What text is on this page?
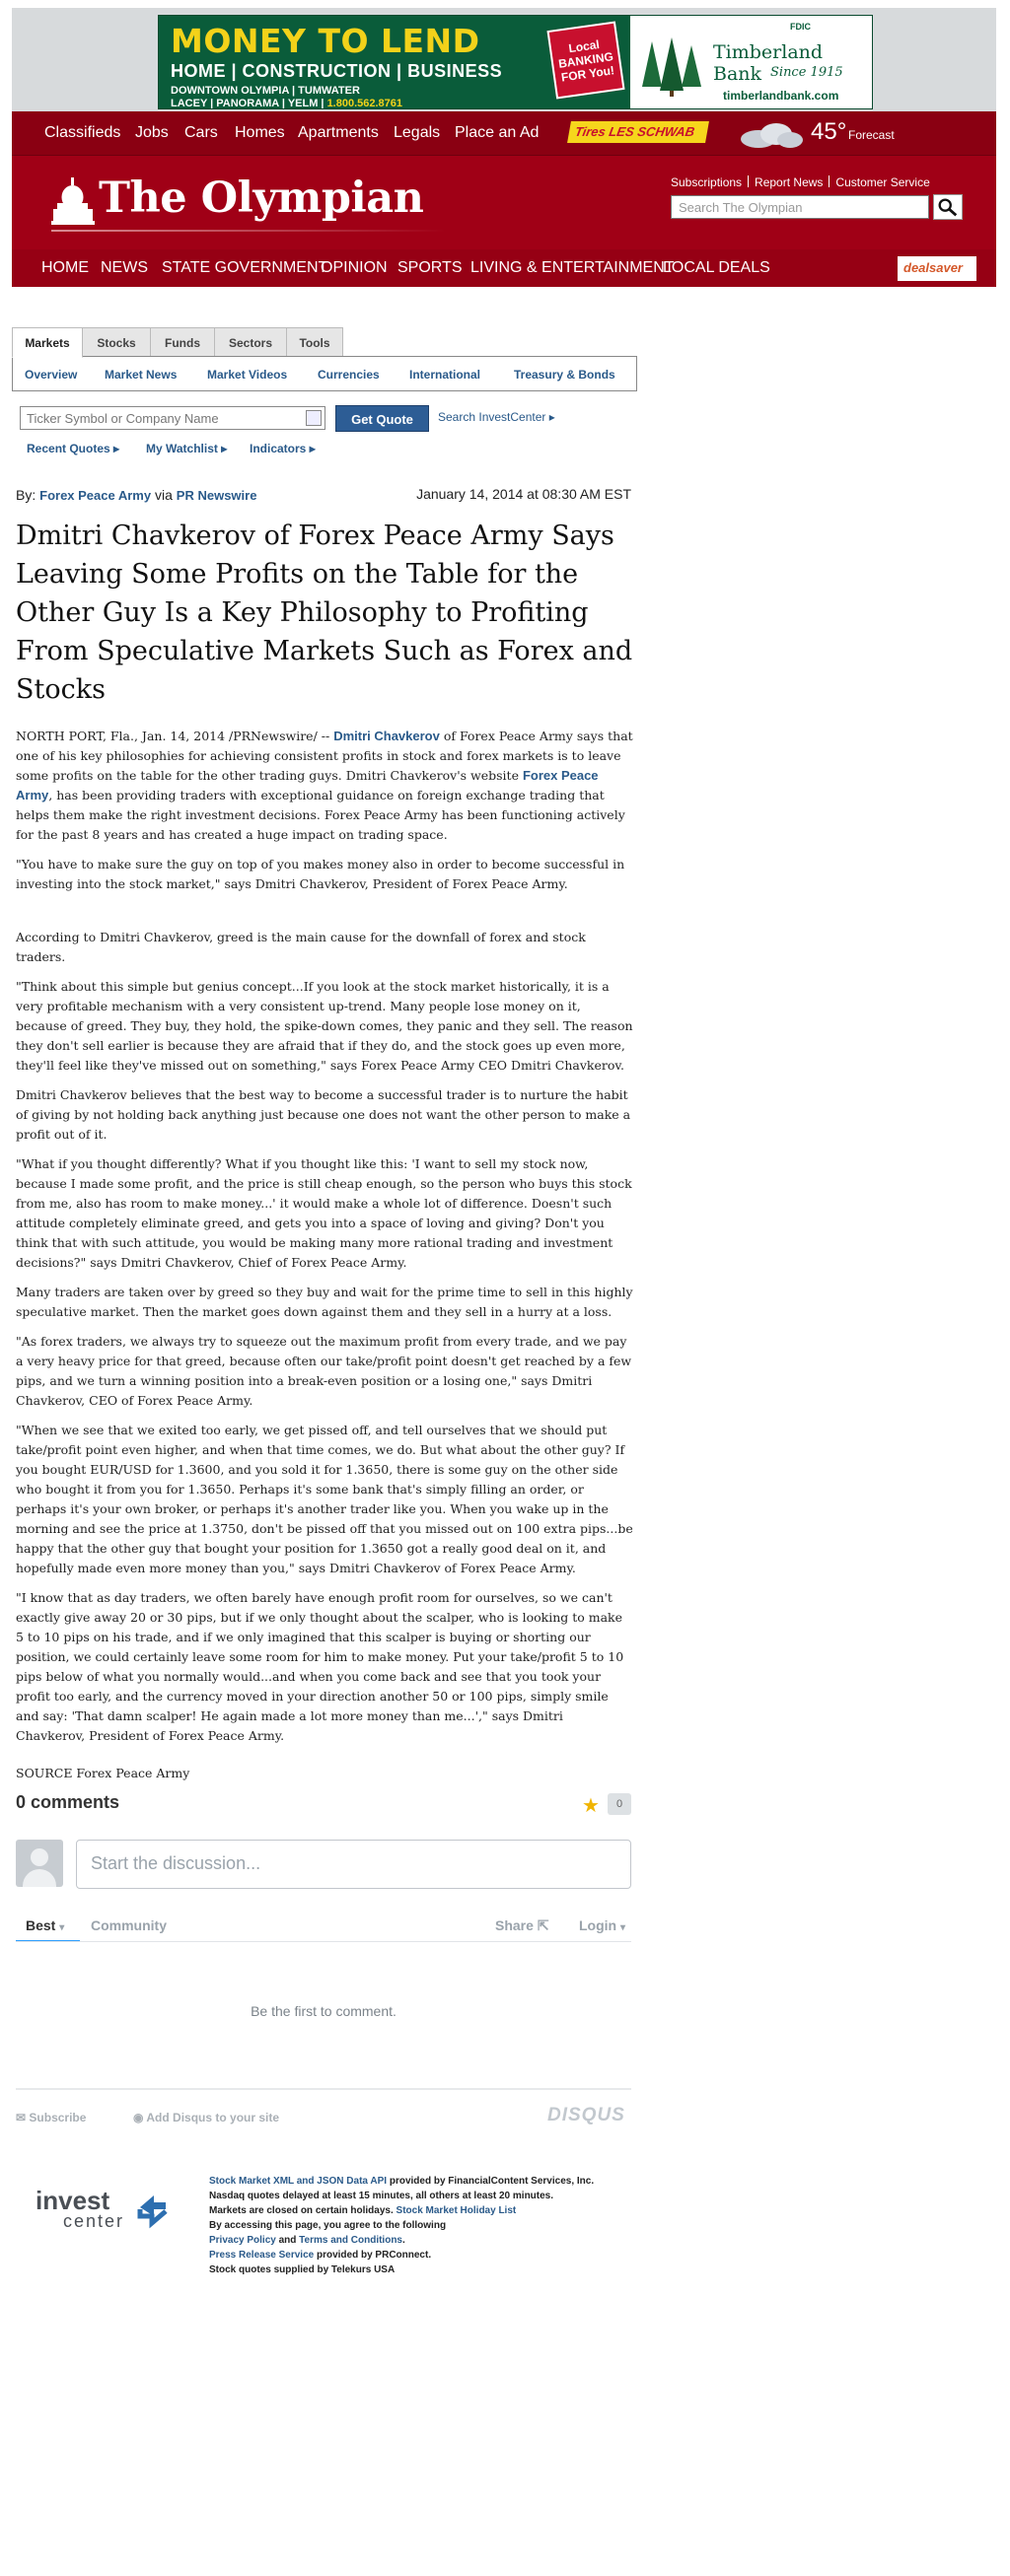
MONEY TO LEND
HOME | CONSTRUCTION | BUSINESS
DOWNTOWN OLYMPIA | TUMWATER
LACEY | PANORAMA | YELM | 1.800.562.8761
Local BANKING FOR You!
FDIC
Timberland Bank Since 1915
timberlandbank.com
Classifieds Jobs Cars Homes Apartments Legals Place an Ad	Tires LES SCHWAB	45° Forecast
The Olympian	Subscriptions Report News Customer Service
Search The Olympian
HOME NEWS STATE GOVERNMENT
OPINION SPORTS LIVING & ENTERTAINMENT
LOCAL DEALS	dealsaver
Markets	Stocks	Funds	Sectors	Tools
Overview Market News	Market Videos	Currencies	International	Treasury & Bonds
Ticker Symbol or Company Name	Get Quote	Search InvestCenter ▸
Recent Quotes ▸ My Watchlist ▸ Indicators ▸
By: Forex Peace Army via PR Newswire	January 14, 2014 at 08:30 AM EST
Dmitri Chavkerov of Forex Peace Army Says Leaving Some Profits on the Table for the Other Guy Is a Key Philosophy to Profiting From Speculative Markets Such as Forex and Stocks

NORTH PORT, Fla., Jan. 14, 2014 /PRNewswire/ -- Dmitri Chavkerov of Forex Peace Army says that one of his key philosophies for achieving consistent profits in stock and forex markets is to leave some profits on the table for the other trading guys. Dmitri Chavkerov's website Forex Peace Army, has been providing traders with exceptional guidance on foreign exchange trading that helps them make the right investment decisions. Forex Peace Army has been functioning actively for the past 8 years and has created a huge impact on trading space.

"You have to make sure the guy on top of you makes money also in order to become successful in investing into the stock market," says Dmitri Chavkerov, President of Forex Peace Army.

According to Dmitri Chavkerov, greed is the main cause for the downfall of forex and stock traders.

"Think about this simple but genius concept...If you look at the stock market historically, it is a very profitable mechanism with a very consistent up-trend. Many people lose money on it, because of greed. They buy, they hold, the spike-down comes, they panic and they sell. The reason they don't sell earlier is because they are afraid that if they do, and the stock goes up even more, they'll feel like they've missed out on something," says Forex Peace Army CEO Dmitri Chavkerov.

Dmitri Chavkerov believes that the best way to become a successful trader is to nurture the habit of giving by not holding back anything just because one does not want the other person to make a profit out of it.

"What if you thought differently? What if you thought like this: 'I want to sell my stock now, because I made some profit, and the price is still cheap enough, so the person who buys this stock from me, also has room to make money...' it would make a whole lot of difference. Doesn't such attitude completely eliminate greed, and gets you into a space of loving and giving? Don't you think that with such attitude, you would be making many more rational trading and investment decisions?" says Dmitri Chavkerov, Chief of Forex Peace Army.

Many traders are taken over by greed so they buy and wait for the prime time to sell in this highly speculative market. Then the market goes down against them and they sell in a hurry at a loss.

"As forex traders, we always try to squeeze out the maximum profit from every trade, and we pay a very heavy price for that greed, because often our take/profit point doesn't get reached by a few pips, and we turn a winning position into a break-even position or a losing one," says Dmitri Chavkerov, CEO of Forex Peace Army.

"When we see that we exited too early, we get pissed off, and tell ourselves that we should put take/profit point even higher, and when that time comes, we do. But what about the other guy? If you bought EUR/USD for 1.3600, and you sold it for 1.3650, there is some guy on the other side who bought it from you for 1.3650. Perhaps it's some bank that's simply filling an order, or perhaps it's your own broker, or perhaps it's another trader like you. When you wake up in the morning and see the price at 1.3750, don't be pissed off that you missed out on 100 extra pips...be happy that the other guy that bought your position for 1.3650 got a really good deal on it, and hopefully made even more money than you," says Dmitri Chavkerov of Forex Peace Army.

"I know that as day traders, we often barely have enough profit room for ourselves, so we can't exactly give away 20 or 30 pips, but if we only thought about the scalper, who is looking to make 5 to 10 pips on his trade, and if we only imagined that this scalper is buying or shorting our position, we could certainly leave some room for him to make money. Put your take/profit 5 to 10 pips below of what you normally would...and when you come back and see that you took your profit too early, and the currency moved in your direction another 50 or 100 pips, simply smile and say: 'That damn scalper! He again made a lot more money than me...'," says Dmitri Chavkerov, President of Forex Peace Army.

SOURCE Forex Peace Army
0 comments	★	0
Start the discussion...
Best ▾ Community	Share ⇱ Login ▾
Be the first to comment.
✉ Subscribe	◉ Add Disqus to your site	DISQUS
invest
center
Stock Market XML and JSON Data API provided by FinancialContent Services, Inc.
Nasdaq quotes delayed at least 15 minutes, all others at least 20 minutes.
Markets are closed on certain holidays. Stock Market Holiday List
By accessing this page, you agree to the following
Privacy Policy and Terms and Conditions.
Press Release Service provided by PRConnect.
Stock quotes supplied by Telekurs USA
